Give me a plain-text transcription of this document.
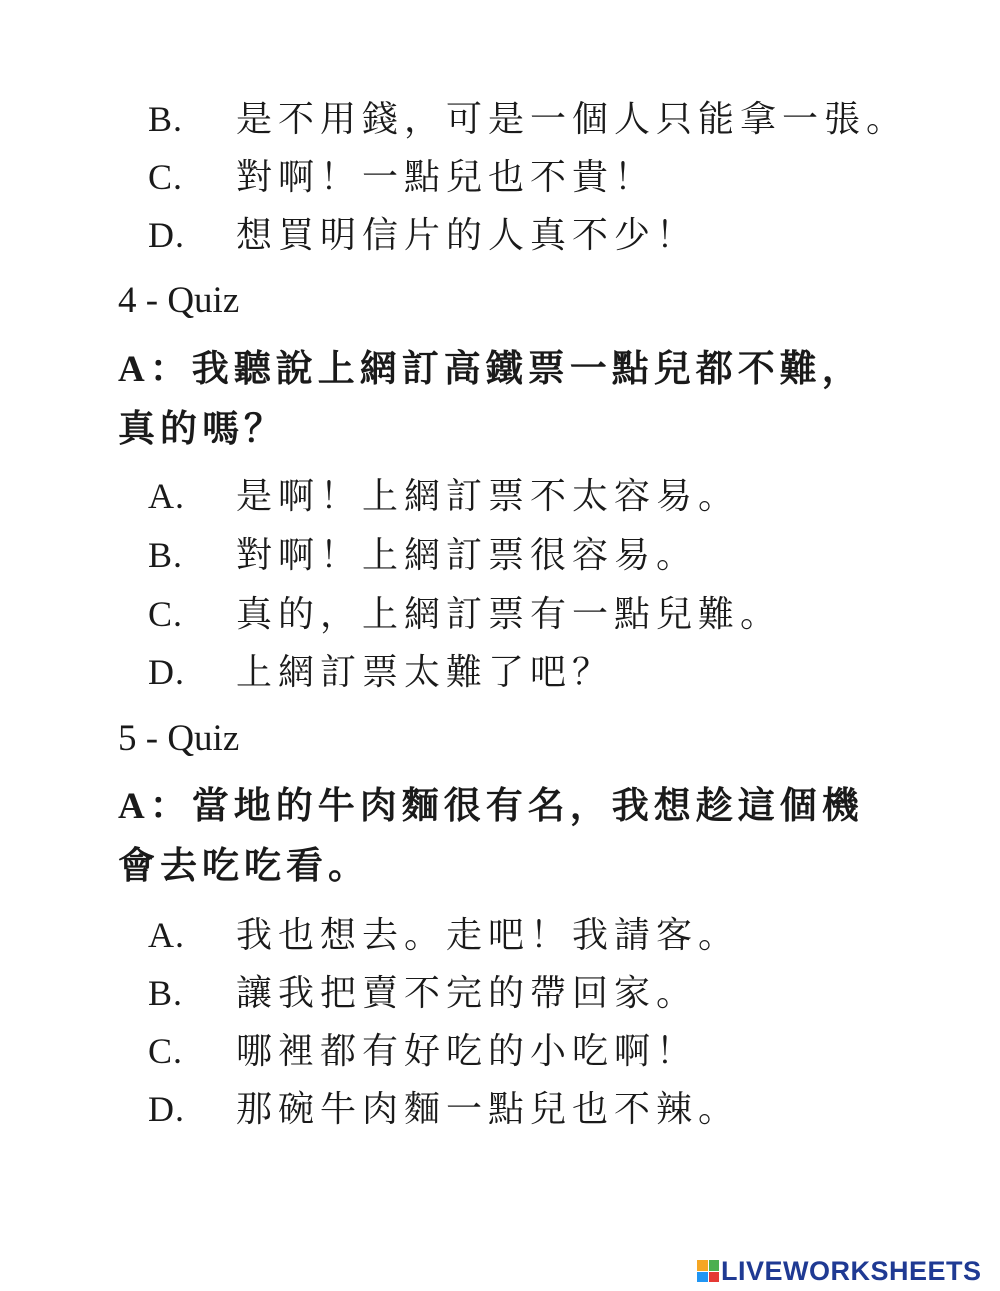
B. 是不用錢，可是一個人只能拿一張。
C. 對啊！一點兒也不貴！
D. 想買明信片的人真不少！
4 - Quiz
A：我聽說上網訂高鐵票一點兒都不難，真的嗎？
A. 是啊！上網訂票不太容易。
B. 對啊！上網訂票很容易。
C. 真的，上網訂票有一點兒難。
D. 上網訂票太難了吧？
5 - Quiz
A：當地的牛肉麵很有名，我想趁這個機會去吃吃看。
A. 我也想去。走吧！我請客。
B. 讓我把賣不完的帶回家。
C. 哪裡都有好吃的小吃啊！
D. 那碗牛肉麵一點兒也不辣。
LIVEWORKSHEETS
